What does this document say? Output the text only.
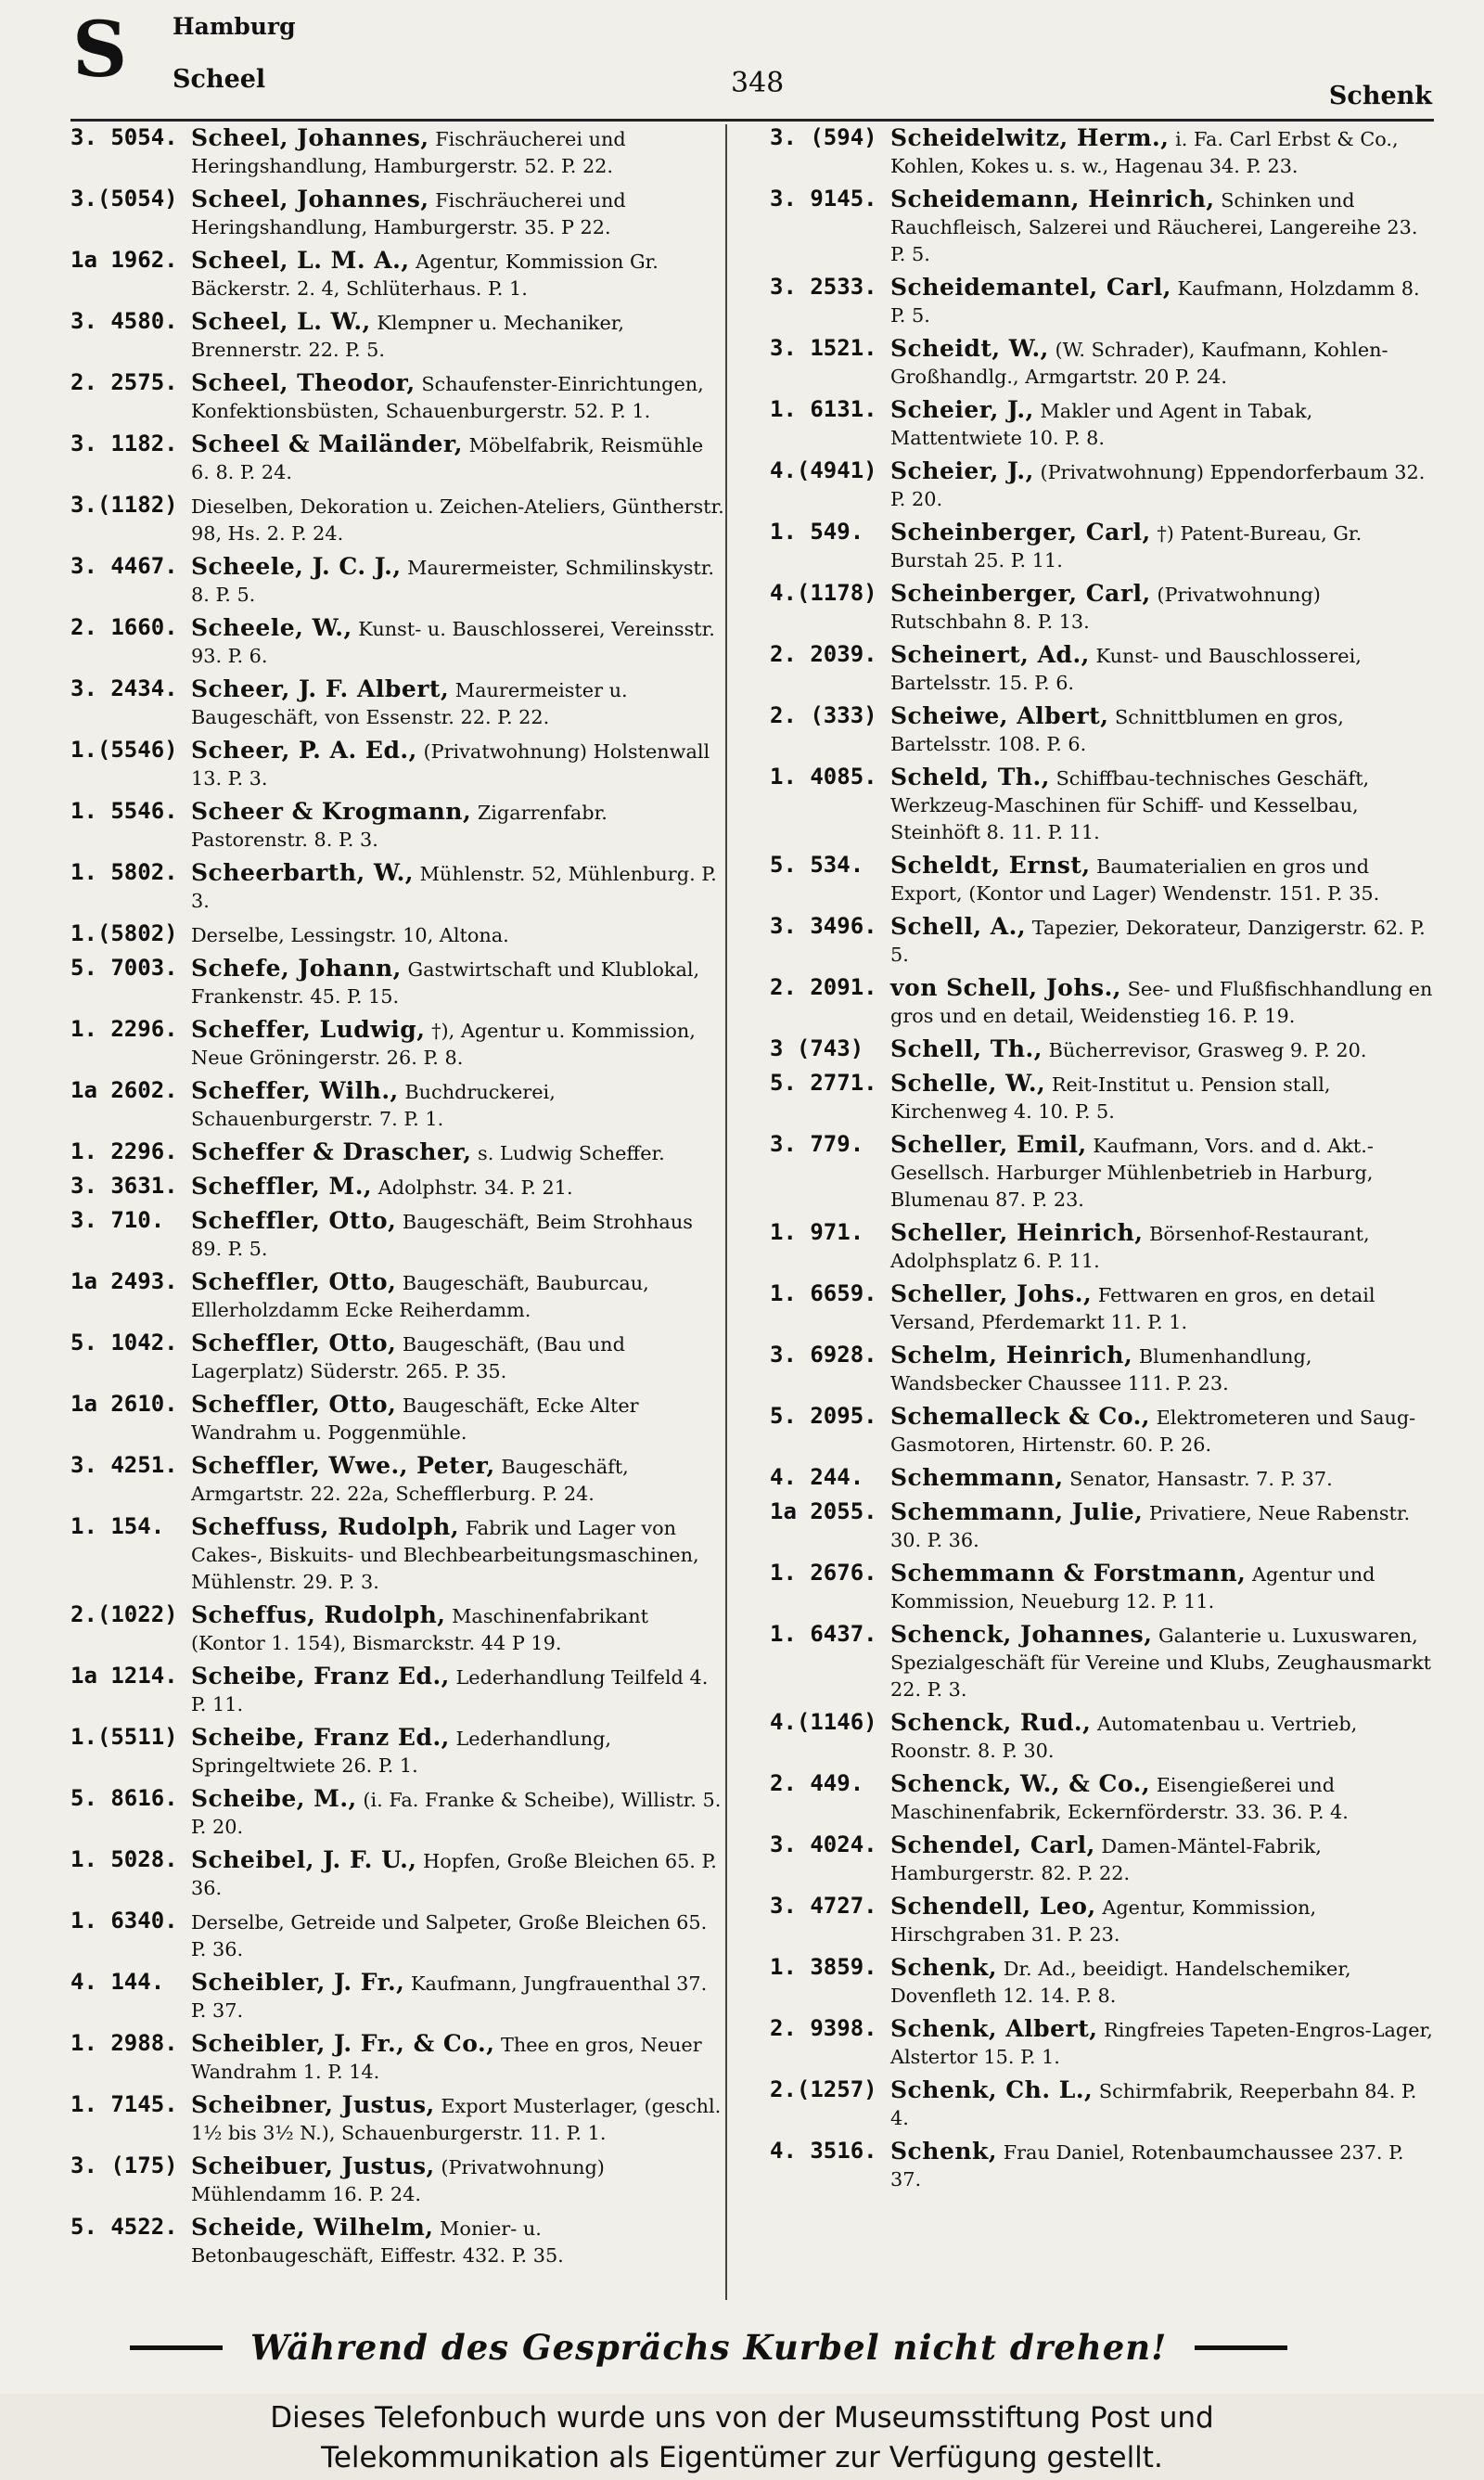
S Hamburg
Scheel	348	Schenk
3. 5054. Scheel, Johannes, Fischräucherei und Heringshandlung, Hamburgerstr. 52. P. 22.
3.(5054) Scheel, Johannes, Fischräucherei und Heringshandlung, Hamburgerstr. 35. P 22.
1a 1962. Scheel, L. M. A., Agentur, Kommission Gr. Bäckerstr. 2. 4, Schlüterhaus. P. 1.
3. 4580. Scheel, L. W., Klempner u. Mechaniker, Brennerstr. 22. P. 5.
2. 2575. Scheel, Theodor, Schaufenster-Einrichtungen, Konfektionsbüsten, Schauenburgerstr. 52. P. 1.
3. 1182. Scheel & Mailänder, Möbelfabrik, Reismühle 6. 8. P. 24.
3.(1182) Dieselben, Dekoration u. Zeichen-Ateliers, Güntherstr. 98, Hs. 2. P. 24.
3. 4467. Scheele, J. C. J., Maurermeister, Schmilinskystr. 8. P. 5.
2. 1660. Scheele, W., Kunst- u. Bauschlosserei, Vereinsstr. 93. P. 6.
3. 2434. Scheer, J. F. Albert, Maurermeister u. Baugeschäft, von Essenstr. 22. P. 22.
1.(5546) Scheer, P. A. Ed., (Privatwohnung) Holstenwall 13. P. 3.
1. 5546. Scheer & Krogmann, Zigarrenfabr. Pastorenstr. 8. P. 3.
1. 5802. Scheerbarth, W., Mühlenstr. 52, Mühlenburg. P. 3.
1.(5802) Derselbe, Lessingstr. 10, Altona.
5. 7003. Schefe, Johann, Gastwirtschaft und Klublokal, Frankenstr. 45. P. 15.
1. 2296. Scheffer, Ludwig, †), Agentur u. Kommission, Neue Gröningerstr. 26. P. 8.
1a 2602. Scheffer, Wilh., Buchdruckerei, Schauenburgerstr. 7. P. 1.
1. 2296. Scheffer & Drascher, s. Ludwig Scheffer.
3. 3631. Scheffler, M., Adolphstr. 34. P. 21.
3. 710.	Scheffler, Otto, Baugeschäft, Beim Strohhaus 89. P. 5.
1a 2493. Scheffler, Otto, Baugeschäft, Bauburcau, Ellerholzdamm Ecke Reiherdamm.
5. 1042. Scheffler, Otto, Baugeschäft, (Bau und Lagerplatz) Süderstr. 265. P. 35.
1a 2610. Scheffler, Otto, Baugeschäft, Ecke Alter Wandrahm u. Poggenmühle.
3. 4251. Scheffler, Wwe., Peter, Baugeschäft, Armgartstr. 22. 22a, Schefflerburg. P. 24.
1. 154.	Scheffuss, Rudolph, Fabrik und Lager von Cakes-, Biskuits- und Blechbearbeitungsmaschinen, Mühlenstr. 29. P. 3.
2.(1022) Scheffus, Rudolph, Maschinenfabrikant (Kontor 1. 154), Bismarckstr. 44 P 19.
1a 1214. Scheibe, Franz Ed., Lederhandlung Teilfeld 4. P. 11.
1.(5511) Scheibe, Franz Ed., Lederhandlung, Springeltwiete 26. P. 1.
5. 8616. Scheibe, M., (i. Fa. Franke & Scheibe), Willistr. 5. P. 20.
1. 5028. Scheibel, J. F. U., Hopfen, Große Bleichen 65. P. 36.
1. 6340. Derselbe, Getreide und Salpeter, Große Bleichen 65. P. 36.
4. 144.	Scheibler, J. Fr., Kaufmann, Jungfrauenthal 37. P. 37.
1. 2988. Scheibler, J. Fr., & Co., Thee en gros, Neuer Wandrahm 1. P. 14.
1. 7145. Scheibner, Justus, Export Musterlager, (geschl. 1½ bis 3½ N.), Schauenburgerstr. 11. P. 1.
3. (175) Scheibuer, Justus, (Privatwohnung) Mühlendamm 16. P. 24.
5. 4522. Scheide, Wilhelm, Monier- u. Betonbaugeschäft, Eiffestr. 432. P. 35.
3. (594) Scheidelwitz, Herm., i. Fa. Carl Erbst & Co., Kohlen, Kokes u. s. w., Hagenau 34. P. 23.
3. 9145. Scheidemann, Heinrich, Schinken und Rauchfleisch, Salzerei und Räucherei, Langereihe 23. P. 5.
3. 2533. Scheidemantel, Carl, Kaufmann, Holzdamm 8. P. 5.
3. 1521. Scheidt, W., (W. Schrader), Kaufmann, Kohlen-Großhandlg., Armgartstr. 20 P. 24.
1. 6131. Scheier, J., Makler und Agent in Tabak, Mattentwiete 10. P. 8.
4.(4941) Scheier, J., (Privatwohnung) Eppendorferbaum 32. P. 20.
1. 549.	Scheinberger, Carl, †) Patent-Bureau, Gr. Burstah 25. P. 11.
4.(1178) Scheinberger, Carl, (Privatwohnung) Rutschbahn 8. P. 13.
2. 2039. Scheinert, Ad., Kunst- und Bauschlosserei, Bartelsstr. 15. P. 6.
2. (333) Scheiwe, Albert, Schnittblumen en gros, Bartelsstr. 108. P. 6.
1. 4085. Scheld, Th., Schiffbau-technisches Geschäft, Werkzeug-Maschinen für Schiff- und Kesselbau, Steinhöft 8. 11. P. 11.
5. 534.	Scheldt, Ernst, Baumaterialien en gros und Export, (Kontor und Lager) Wendenstr. 151. P. 35.
3. 3496. Schell, A., Tapezier, Dekorateur, Danzigerstr. 62. P. 5.
2. 2091. von Schell, Johs., See- und Flußfischhandlung en gros und en detail, Weidenstieg 16. P. 19.
3 (743)	Schell, Th., Bücherrevisor, Grasweg 9. P. 20.
5. 2771. Schelle, W., Reit-Institut u. Pension stall, Kirchenweg 4. 10. P. 5.
3. 779.	Scheller, Emil, Kaufmann, Vors. and d. Akt.-Gesellsch. Harburger Mühlenbetrieb in Harburg, Blumenau 87. P. 23.
1. 971.	Scheller, Heinrich, Börsenhof-Restaurant, Adolphsplatz 6. P. 11.
1. 6659. Scheller, Johs., Fettwaren en gros, en detail Versand, Pferdemarkt 11. P. 1.
3. 6928. Schelm, Heinrich, Blumenhandlung, Wandsbecker Chaussee 111. P. 23.
5. 2095. Schemalleck & Co., Elektrometeren und Saug-Gasmotoren, Hirtenstr. 60. P. 26.
4. 244.	Schemmann, Senator, Hansastr. 7. P. 37.
1a 2055. Schemmann, Julie, Privatiere, Neue Rabenstr. 30. P. 36.
1. 2676. Schemmann & Forstmann, Agentur und Kommission, Neueburg 12. P. 11.
1. 6437. Schenck, Johannes, Galanterie u. Luxuswaren, Spezialgeschäft für Vereine und Klubs, Zeughausmarkt 22. P. 3.
4.(1146) Schenck, Rud., Automatenbau u. Vertrieb, Roonstr. 8. P. 30.
2. 449.	Schenck, W., & Co., Eisengießerei und Maschinenfabrik, Eckernförderstr. 33. 36. P. 4.
3. 4024. Schendel, Carl, Damen-Mäntel-Fabrik, Hamburgerstr. 82. P. 22.
3. 4727. Schendell, Leo, Agentur, Kommission, Hirschgraben 31. P. 23.
1. 3859. Schenk, Dr. Ad., beeidigt. Handelschemiker, Dovenfleth 12. 14. P. 8.
2. 9398. Schenk, Albert, Ringfreies Tapeten-Engros-Lager, Alstertor 15. P. 1.
2.(1257) Schenk, Ch. L., Schirmfabrik, Reeperbahn 84. P. 4.
4. 3516. Schenk, Frau Daniel, Rotenbaumchaussee 237. P. 37.
Während des Gesprächs Kurbel nicht drehen!
Dieses Telefonbuch wurde uns von der Museumsstiftung Post und
Telekommunikation als Eigentümer zur Verfügung gestellt.
